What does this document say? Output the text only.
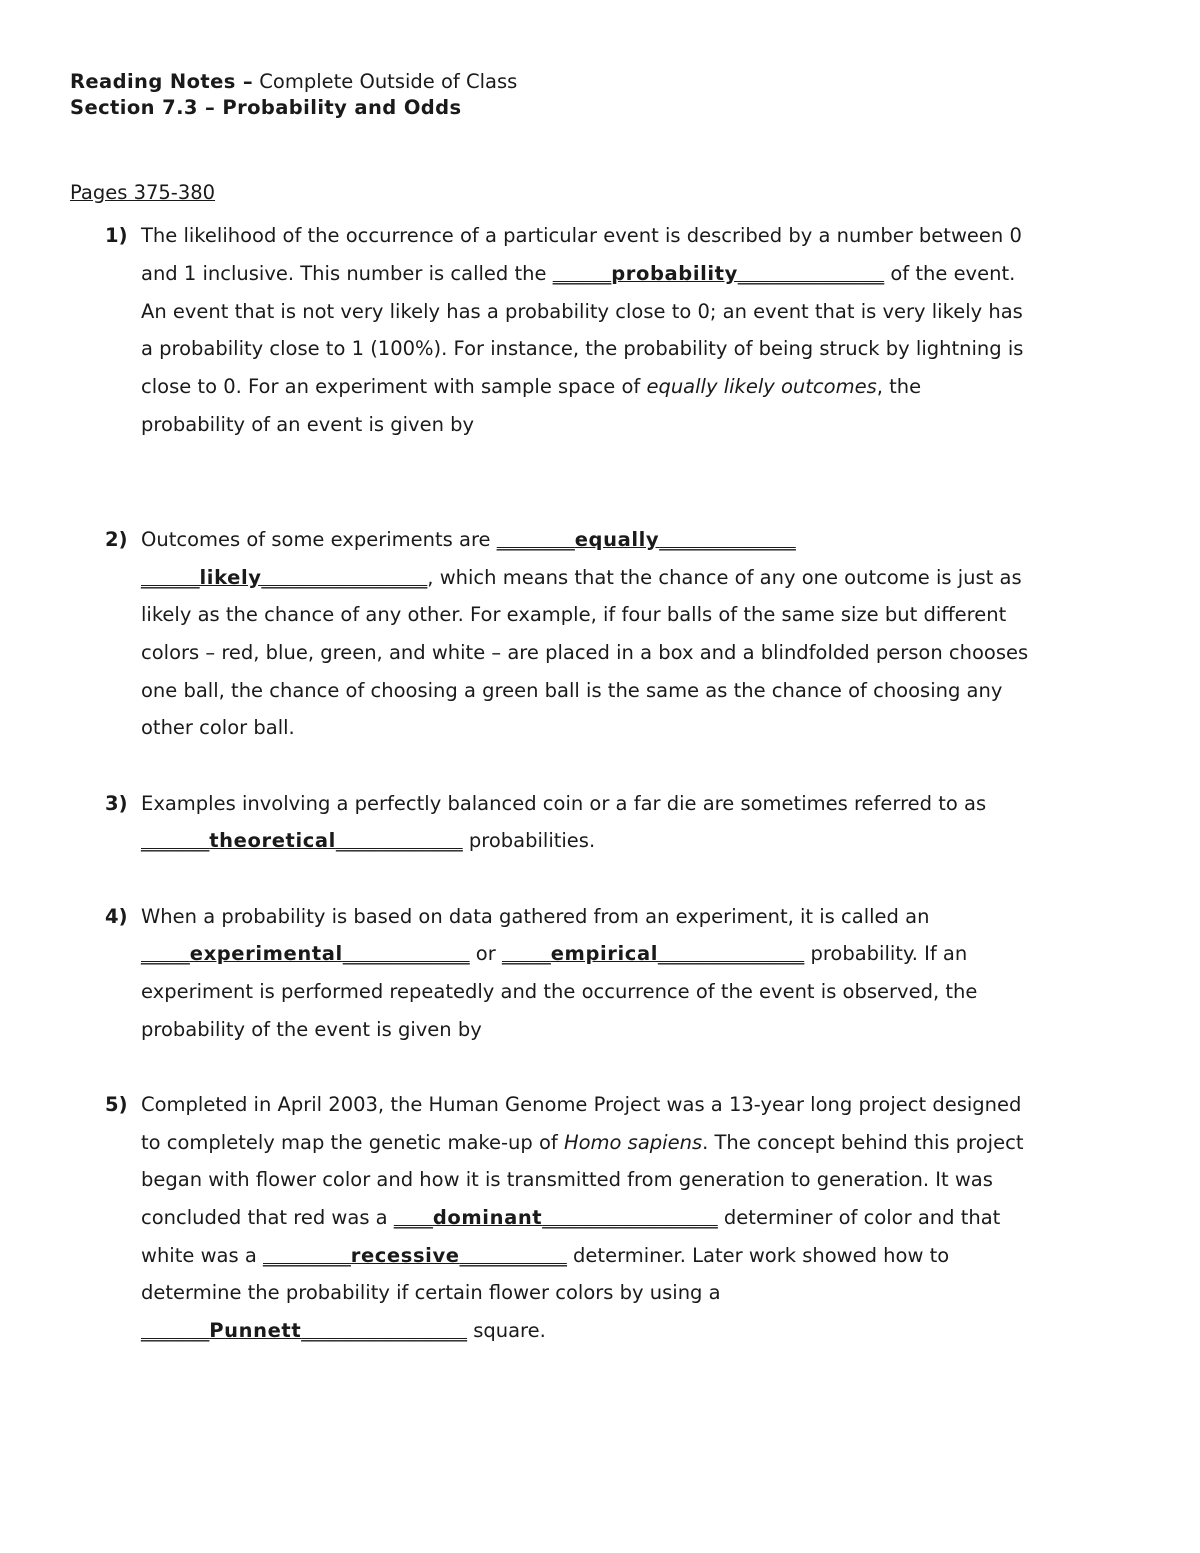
Reading Notes – Complete Outside of Class
Section 7.3 – Probability and Odds
Pages 375-380
1) The likelihood of the occurrence of a particular event is described by a number between 0
and 1 inclusive. This number is called the ______probability_______________ of the event.
An event that is not very likely has a probability close to 0; an event that is very likely has
a probability close to 1 (100%). For instance, the probability of being struck by lightning is
close to 0. For an experiment with sample space of equally likely outcomes, the
probability of an event is given by
2) Outcomes of some experiments are ________equally______________
______likely_________________, which means that the chance of any one outcome is just as
likely as the chance of any other. For example, if four balls of the same size but different
colors – red, blue, green, and white – are placed in a box and a blindfolded person chooses
one ball, the chance of choosing a green ball is the same as the chance of choosing any
other color ball.
3) Examples involving a perfectly balanced coin or a far die are sometimes referred to as
_______theoretical_____________ probabilities.
4) When a probability is based on data gathered from an experiment, it is called an
_____experimental_____________ or _____empirical_______________ probability. If an
experiment is performed repeatedly and the occurrence of the event is observed, the
probability of the event is given by
5) Completed in April 2003, the Human Genome Project was a 13-year long project designed
to completely map the genetic make-up of Homo sapiens. The concept behind this project
began with flower color and how it is transmitted from generation to generation. It was
concluded that red was a ____dominant__________________ determiner of color and that
white was a _________recessive___________ determiner. Later work showed how to
determine the probability if certain flower colors by using a
_______Punnett_________________ square.
